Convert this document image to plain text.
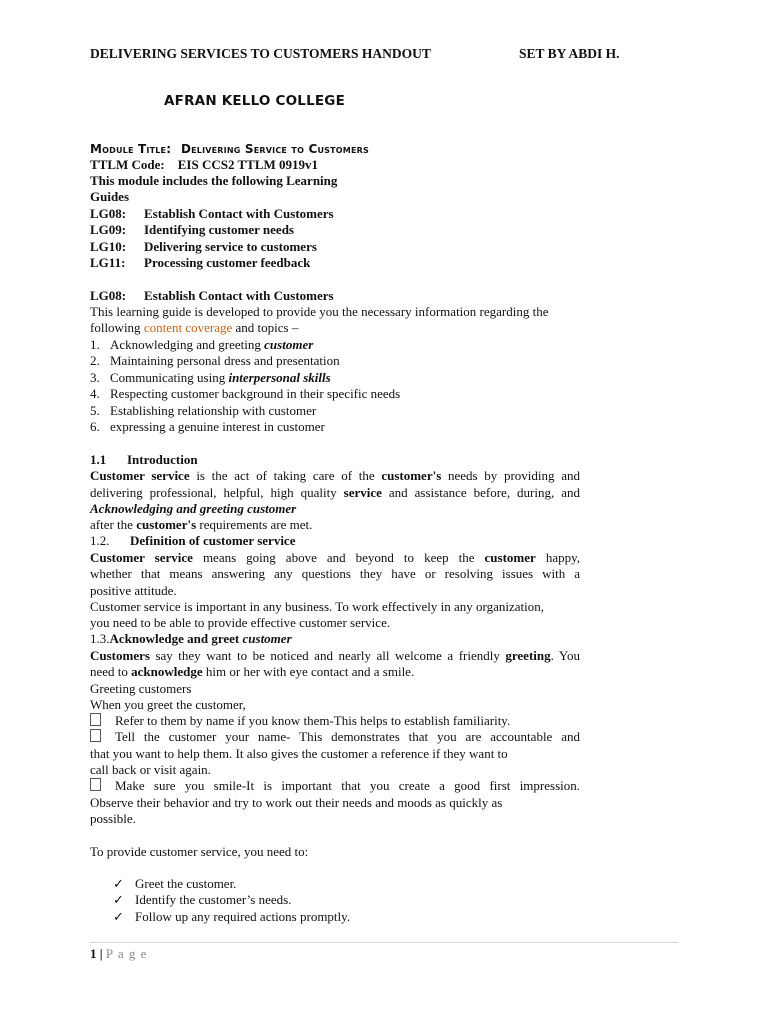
DELIVERING SERVICES TO CUSTOMERS HANDOUT	SET BY ABDI H.
AFRAN KELLO COLLEGE
Module Title: Delivering Service to Customers
TTLM Code: EIS CCS2 TTLM 0919v1
This module includes the following Learning
Guides
LG08: Establish Contact with Customers
LG09: Identifying customer needs
LG10: Delivering service to customers
LG11: Processing customer feedback
LG08: Establish Contact with Customers
This learning guide is developed to provide you the necessary information regarding the
following content coverage and topics –
1. Acknowledging and greeting customer
2. Maintaining personal dress and presentation
3. Communicating using interpersonal skills
4. Respecting customer background in their specific needs
5. Establishing relationship with customer
6. expressing a genuine interest in customer
1.1 Introduction
Customer service is the act of taking care of the customer's needs by providing and
delivering professional, helpful, high quality service and assistance before, during, and
Acknowledging and greeting customer
after the customer's requirements are met.
1.2. Definition of customer service
Customer service means going above and beyond to keep the customer happy,
whether that means answering any questions they have or resolving issues with a
positive attitude.
Customer service is important in any business. To work effectively in any organization,
you need to be able to provide effective customer service.
1.3.Acknowledge and greet customer
Customers say they want to be noticed and nearly all welcome a friendly greeting. You
need to acknowledge him or her with eye contact and a smile.
Greeting customers
When you greet the customer,
Refer to them by name if you know them-This helps to establish familiarity.
Tell the customer your name- This demonstrates that you are accountable and
that you want to help them. It also gives the customer a reference if they want to
call back or visit again.
Make sure you smile-It is important that you create a good first impression.
Observe their behavior and try to work out their needs and moods as quickly as
possible.
To provide customer service, you need to:
✓ Greet the customer.
✓ Identify the customer’s needs.
✓ Follow up any required actions promptly.
1 | P a g e
